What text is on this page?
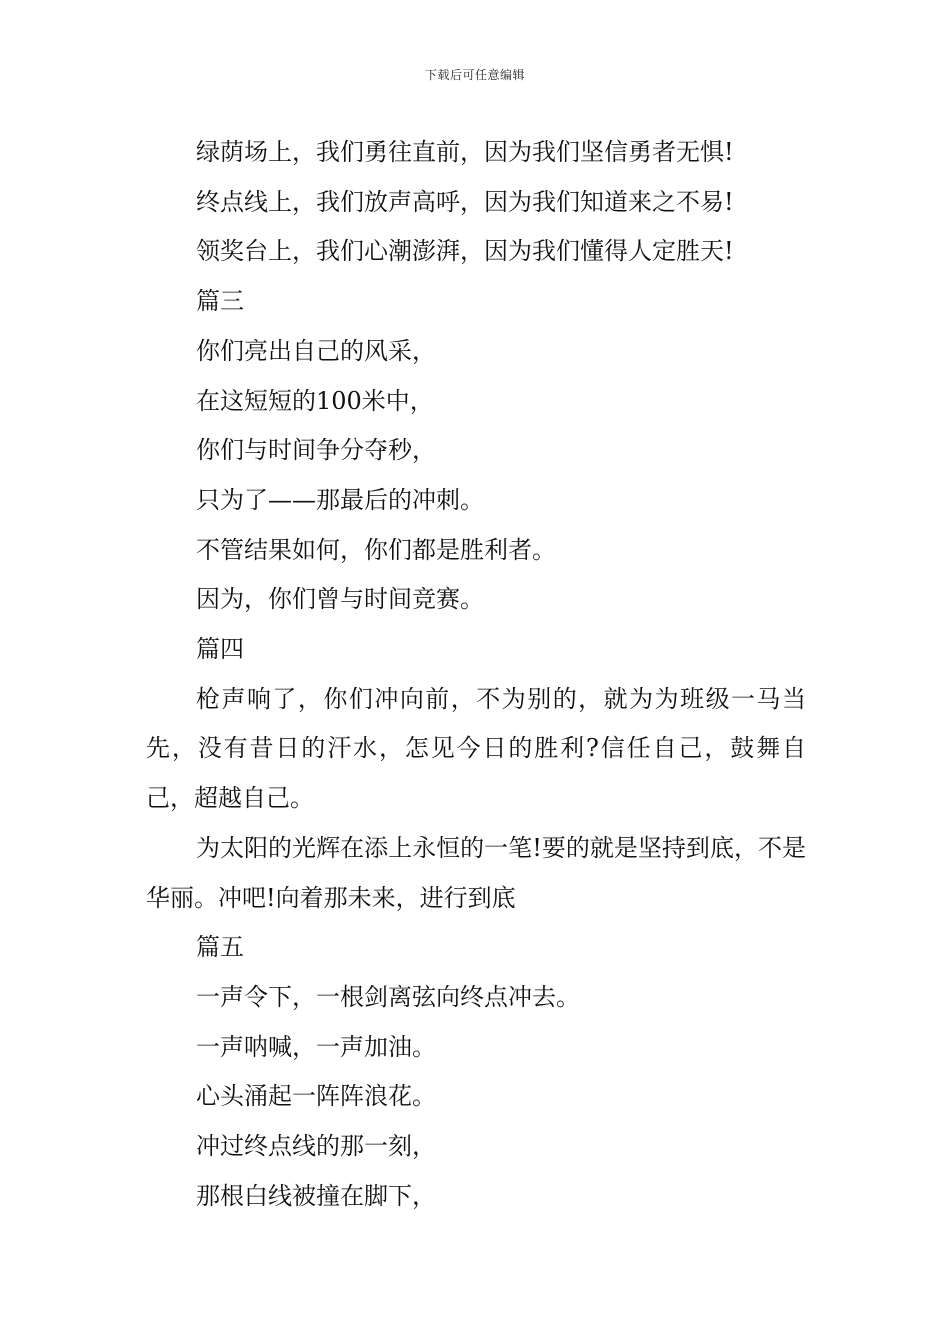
下载后可任意编辑
绿荫场上，我们勇往直前，因为我们坚信勇者无惧!
终点线上，我们放声高呼，因为我们知道来之不易!
领奖台上，我们心潮澎湃，因为我们懂得人定胜天!
篇三
你们亮出自己的风采，
在这短短的100米中，
你们与时间争分夺秒，
只为了——那最后的冲刺。
不管结果如何，你们都是胜利者。
因为，你们曾与时间竞赛。
篇四
枪声响了，你们冲向前，不为别的，就为为班级一马当先，没有昔日的汗水，怎见今日的胜利?信任自己，鼓舞自己，超越自己。
为太阳的光辉在添上永恒的一笔!要的就是坚持到底，不是华丽。冲吧!向着那未来，进行到底
篇五
一声令下，一根剑离弦向终点冲去。
一声呐喊，一声加油。
心头涌起一阵阵浪花。
冲过终点线的那一刻，
那根白线被撞在脚下，
